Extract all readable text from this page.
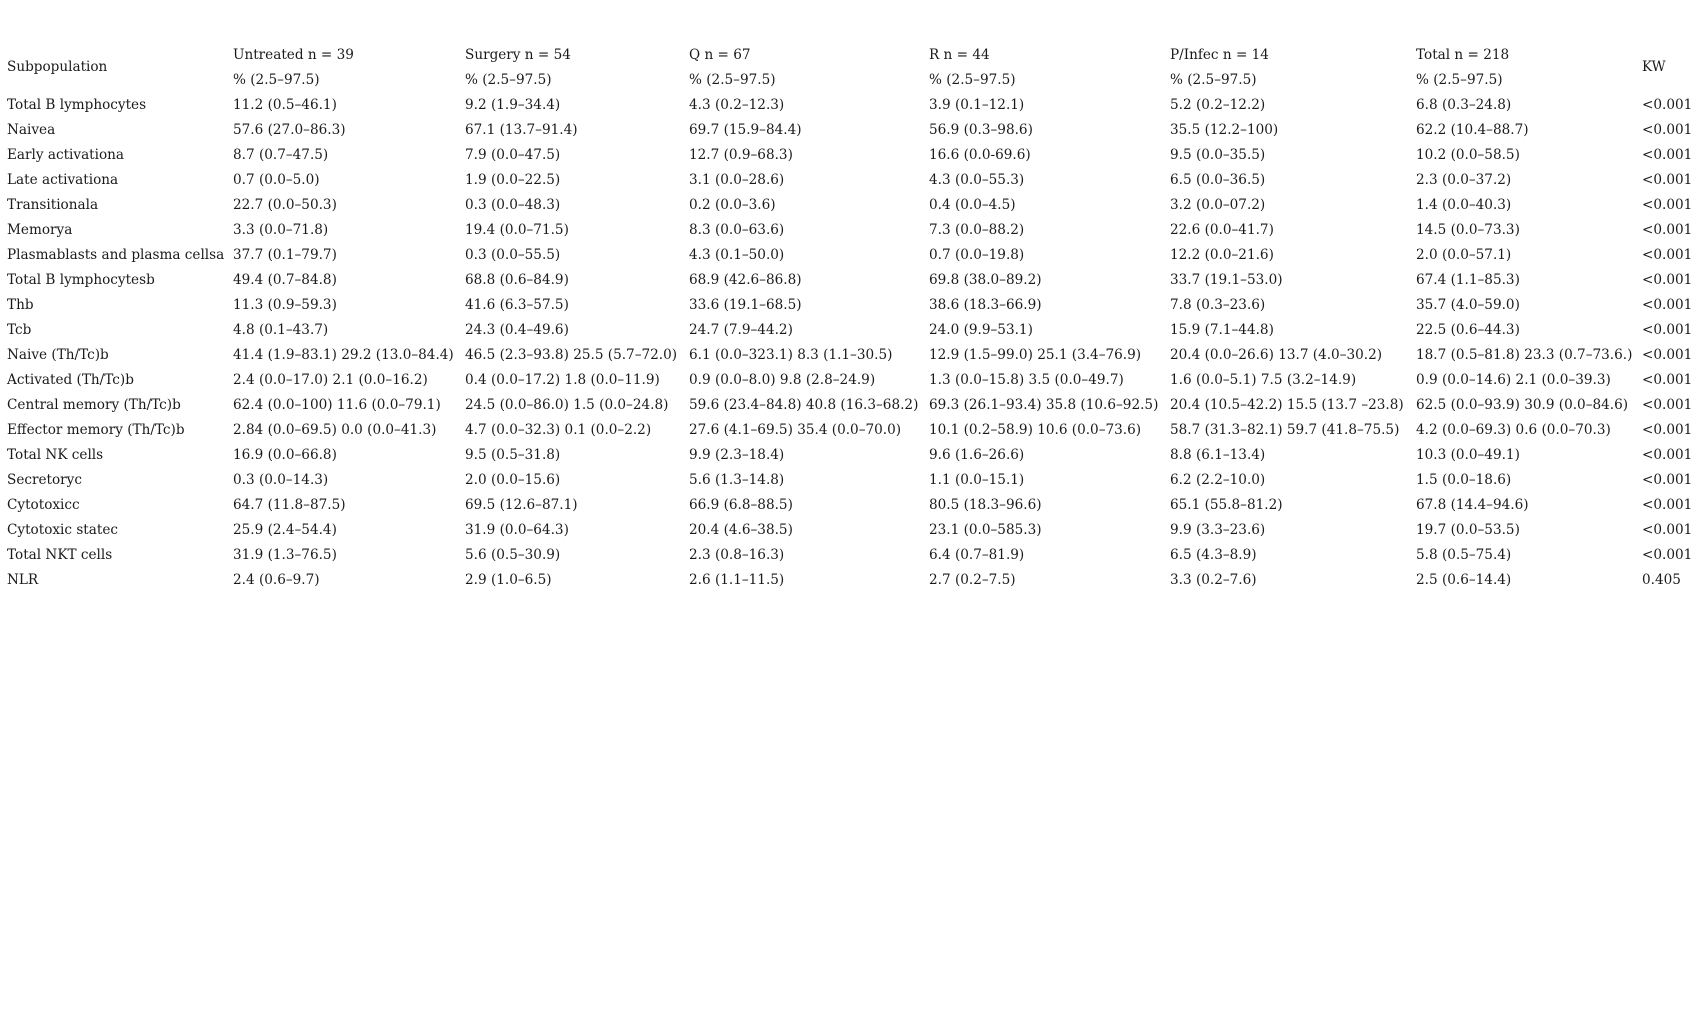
Subpopulation	Untreated n = 39	Surgery n = 54	Q n = 67	R n = 44	P/Infec n = 14	Total n = 218	KW
	% (2.5–97.5)	% (2.5–97.5)	% (2.5–97.5)	% (2.5–97.5)	% (2.5–97.5)	% (2.5–97.5)	
Total B lymphocytes	11.2 (0.5–46.1)	9.2 (1.9–34.4)	4.3 (0.2–12.3)	3.9 (0.1–12.1)	5.2 (0.2–12.2)	6.8 (0.3–24.8)	<0.001
Naivea	57.6 (27.0–86.3)	67.1 (13.7–91.4)	69.7 (15.9–84.4)	56.9 (0.3–98.6)	35.5 (12.2–100)	62.2 (10.4–88.7)	<0.001
Early activationa	8.7 (0.7–47.5)	7.9 (0.0–47.5)	12.7 (0.9–68.3)	16.6 (0.0-69.6)	9.5 (0.0–35.5)	10.2 (0.0–58.5)	<0.001
Late activationa	0.7 (0.0–5.0)	1.9 (0.0–22.5)	3.1 (0.0–28.6)	4.3 (0.0–55.3)	6.5 (0.0–36.5)	2.3 (0.0–37.2)	<0.001
Transitionala	22.7 (0.0–50.3)	0.3 (0.0–48.3)	0.2 (0.0–3.6)	0.4 (0.0–4.5)	3.2 (0.0–07.2)	1.4 (0.0–40.3)	<0.001
Memorya	3.3 (0.0–71.8)	19.4 (0.0–71.5)	8.3 (0.0–63.6)	7.3 (0.0–88.2)	22.6 (0.0–41.7)	14.5 (0.0–73.3)	<0.001
Plasmablasts and plasma cellsa	37.7 (0.1–79.7)	0.3 (0.0–55.5)	4.3 (0.1–50.0)	0.7 (0.0–19.8)	12.2 (0.0–21.6)	2.0 (0.0–57.1)	<0.001
Total B lymphocytesb	49.4 (0.7–84.8)	68.8 (0.6–84.9)	68.9 (42.6–86.8)	69.8 (38.0–89.2)	33.7 (19.1–53.0)	67.4 (1.1–85.3)	<0.001
Thb	11.3 (0.9–59.3)	41.6 (6.3–57.5)	33.6 (19.1–68.5)	38.6 (18.3–66.9)	7.8 (0.3–23.6)	35.7 (4.0–59.0)	<0.001
Tcb	4.8 (0.1–43.7)	24.3 (0.4–49.6)	24.7 (7.9–44.2)	24.0 (9.9–53.1)	15.9 (7.1–44.8)	22.5 (0.6–44.3)	<0.001
Naive (Th/Tc)b	41.4 (1.9–83.1) 29.2 (13.0–84.4)	46.5 (2.3–93.8) 25.5 (5.7–72.0)	6.1 (0.0–323.1) 8.3 (1.1–30.5)	12.9 (1.5–99.0) 25.1 (3.4–76.9)	20.4 (0.0–26.6) 13.7 (4.0–30.2)	18.7 (0.5–81.8) 23.3 (0.7–73.6.)	<0.001
Activated (Th/Tc)b	2.4 (0.0–17.0) 2.1 (0.0–16.2)	0.4 (0.0–17.2) 1.8 (0.0–11.9)	0.9 (0.0–8.0) 9.8 (2.8–24.9)	1.3 (0.0–15.8) 3.5 (0.0–49.7)	1.6 (0.0–5.1) 7.5 (3.2–14.9)	0.9 (0.0–14.6) 2.1 (0.0–39.3)	<0.001
Central memory (Th/Tc)b	62.4 (0.0–100) 11.6 (0.0–79.1)	24.5 (0.0–86.0) 1.5 (0.0–24.8)	59.6 (23.4–84.8) 40.8 (16.3–68.2)	69.3 (26.1–93.4) 35.8 (10.6–92.5)	20.4 (10.5–42.2) 15.5 (13.7 –23.8)	62.5 (0.0–93.9) 30.9 (0.0–84.6)	<0.001
Effector memory (Th/Tc)b	2.84 (0.0–69.5) 0.0 (0.0–41.3)	4.7 (0.0–32.3) 0.1 (0.0–2.2)	27.6 (4.1–69.5) 35.4 (0.0–70.0)	10.1 (0.2–58.9) 10.6 (0.0–73.6)	58.7 (31.3–82.1) 59.7 (41.8–75.5)	4.2 (0.0–69.3) 0.6 (0.0–70.3)	<0.001
Total NK cells	16.9 (0.0–66.8)	9.5 (0.5–31.8)	9.9 (2.3–18.4)	9.6 (1.6–26.6)	8.8 (6.1–13.4)	10.3 (0.0–49.1)	<0.001
Secretoryc	0.3 (0.0–14.3)	2.0 (0.0–15.6)	5.6 (1.3–14.8)	1.1 (0.0–15.1)	6.2 (2.2–10.0)	1.5 (0.0–18.6)	<0.001
Cytotoxicc	64.7 (11.8–87.5)	69.5 (12.6–87.1)	66.9 (6.8–88.5)	80.5 (18.3–96.6)	65.1 (55.8–81.2)	67.8 (14.4–94.6)	<0.001
Cytotoxic statec	25.9 (2.4–54.4)	31.9 (0.0–64.3)	20.4 (4.6–38.5)	23.1 (0.0–585.3)	9.9 (3.3–23.6)	19.7 (0.0–53.5)	<0.001
Total NKT cells	31.9 (1.3–76.5)	5.6 (0.5–30.9)	2.3 (0.8–16.3)	6.4 (0.7–81.9)	6.5 (4.3–8.9)	5.8 (0.5–75.4)	<0.001
NLR	2.4 (0.6–9.7)	2.9 (1.0–6.5)	2.6 (1.1–11.5)	2.7 (0.2–7.5)	3.3 (0.2–7.6)	2.5 (0.6–14.4)	0.405
